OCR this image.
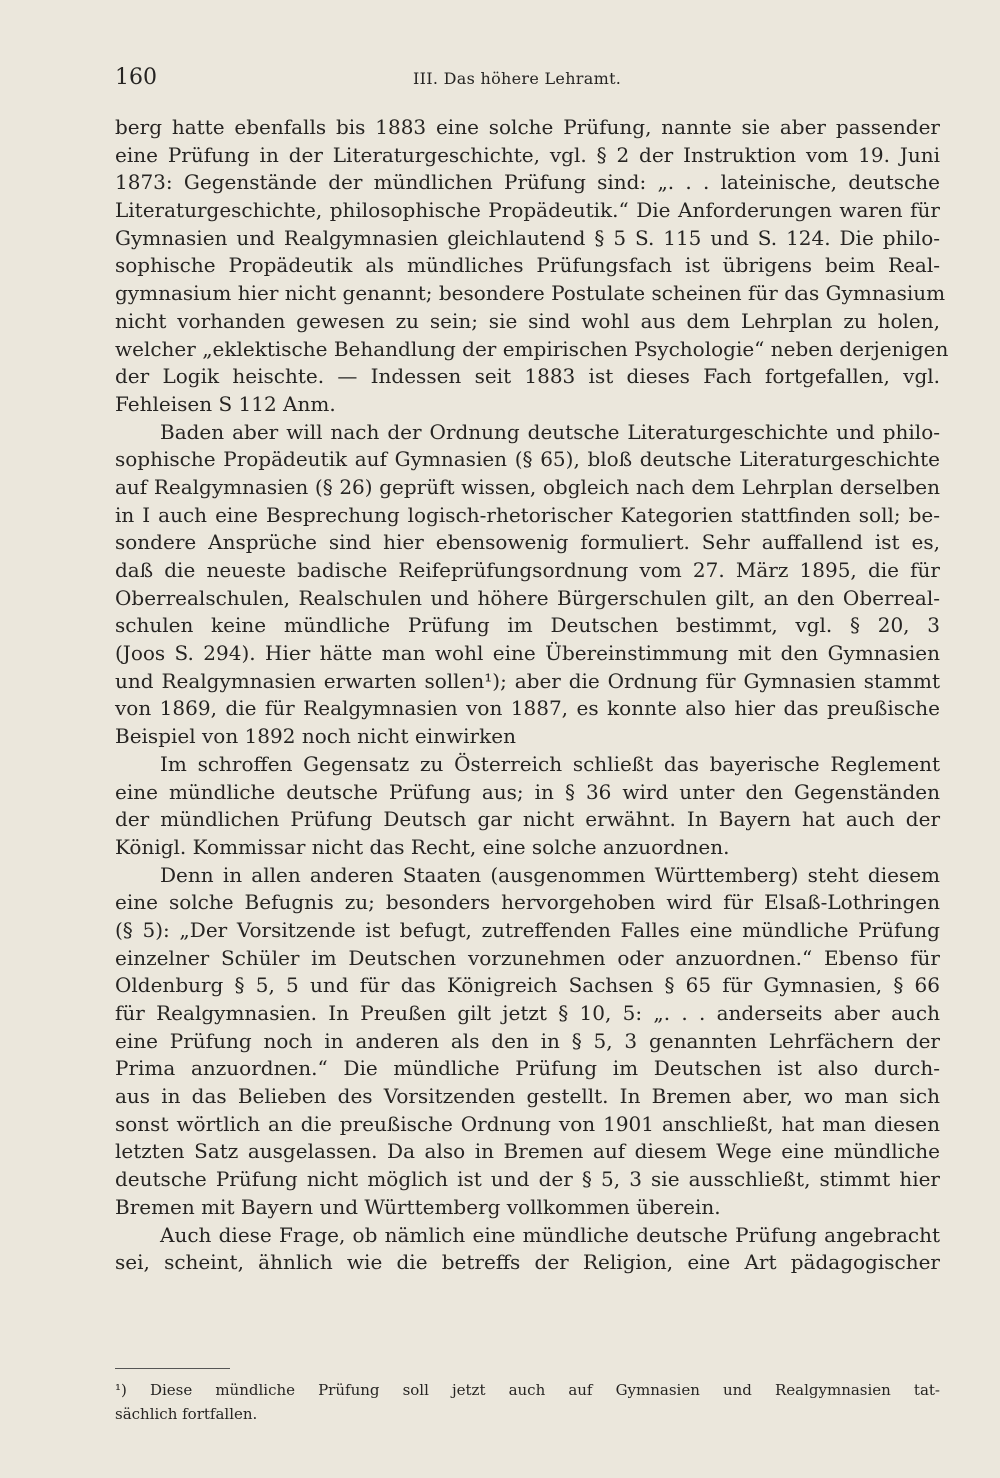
160	III. Das höhere Lehramt.
berg hatte ebenfalls bis 1883 eine solche Prüfung, nannte sie aber passender
eine Prüfung in der Literaturgeschichte, vgl. § 2 der Instruktion vom 19. Juni
1873: Gegenstände der mündlichen Prüfung sind: „. . . lateinische, deutsche
Literaturgeschichte, philosophische Propädeutik.“ Die Anforderungen waren für
Gymnasien und Realgymnasien gleichlautend § 5 S. 115 und S. 124. Die philo-
sophische Propädeutik als mündliches Prüfungsfach ist übrigens beim Real-
gymnasium hier nicht genannt; besondere Postulate scheinen für das Gymnasium
nicht vorhanden gewesen zu sein; sie sind wohl aus dem Lehrplan zu holen,
welcher „eklektische Behandlung der empirischen Psychologie“ neben derjenigen
der Logik heischte. — Indessen seit 1883 ist dieses Fach fortgefallen, vgl.
Fehleisen S 112 Anm.
Baden aber will nach der Ordnung deutsche Literaturgeschichte und philo-
sophische Propädeutik auf Gymnasien (§ 65), bloß deutsche Literaturgeschichte
auf Realgymnasien (§ 26) geprüft wissen, obgleich nach dem Lehrplan derselben
in I auch eine Besprechung logisch-rhetorischer Kategorien stattfinden soll; be-
sondere Ansprüche sind hier ebensowenig formuliert. Sehr auffallend ist es,
daß die neueste badische Reifeprüfungsordnung vom 27. März 1895, die für
Oberrealschulen, Realschulen und höhere Bürgerschulen gilt, an den Oberreal-
schulen keine mündliche Prüfung im Deutschen bestimmt, vgl. § 20, 3
(Joos S. 294). Hier hätte man wohl eine Übereinstimmung mit den Gymnasien
und Realgymnasien erwarten sollen¹); aber die Ordnung für Gymnasien stammt
von 1869, die für Realgymnasien von 1887, es konnte also hier das preußische
Beispiel von 1892 noch nicht einwirken
Im schroffen Gegensatz zu Österreich schließt das bayerische Reglement
eine mündliche deutsche Prüfung aus; in § 36 wird unter den Gegenständen
der mündlichen Prüfung Deutsch gar nicht erwähnt. In Bayern hat auch der
Königl. Kommissar nicht das Recht, eine solche anzuordnen.
Denn in allen anderen Staaten (ausgenommen Württemberg) steht diesem
eine solche Befugnis zu; besonders hervorgehoben wird für Elsaß-Lothringen
(§ 5): „Der Vorsitzende ist befugt, zutreffenden Falles eine mündliche Prüfung
einzelner Schüler im Deutschen vorzunehmen oder anzuordnen.“ Ebenso für
Oldenburg § 5, 5 und für das Königreich Sachsen § 65 für Gymnasien, § 66
für Realgymnasien. In Preußen gilt jetzt § 10, 5: „. . . anderseits aber auch
eine Prüfung noch in anderen als den in § 5, 3 genannten Lehrfächern der
Prima anzuordnen.“ Die mündliche Prüfung im Deutschen ist also durch-
aus in das Belieben des Vorsitzenden gestellt. In Bremen aber, wo man sich
sonst wörtlich an die preußische Ordnung von 1901 anschließt, hat man diesen
letzten Satz ausgelassen. Da also in Bremen auf diesem Wege eine mündliche
deutsche Prüfung nicht möglich ist und der § 5, 3 sie ausschließt, stimmt hier
Bremen mit Bayern und Württemberg vollkommen überein.
Auch diese Frage, ob nämlich eine mündliche deutsche Prüfung angebracht
sei, scheint, ähnlich wie die betreffs der Religion, eine Art pädagogischer
¹) Diese mündliche Prüfung soll jetzt auch auf Gymnasien und Realgymnasien tat-
sächlich fortfallen.
